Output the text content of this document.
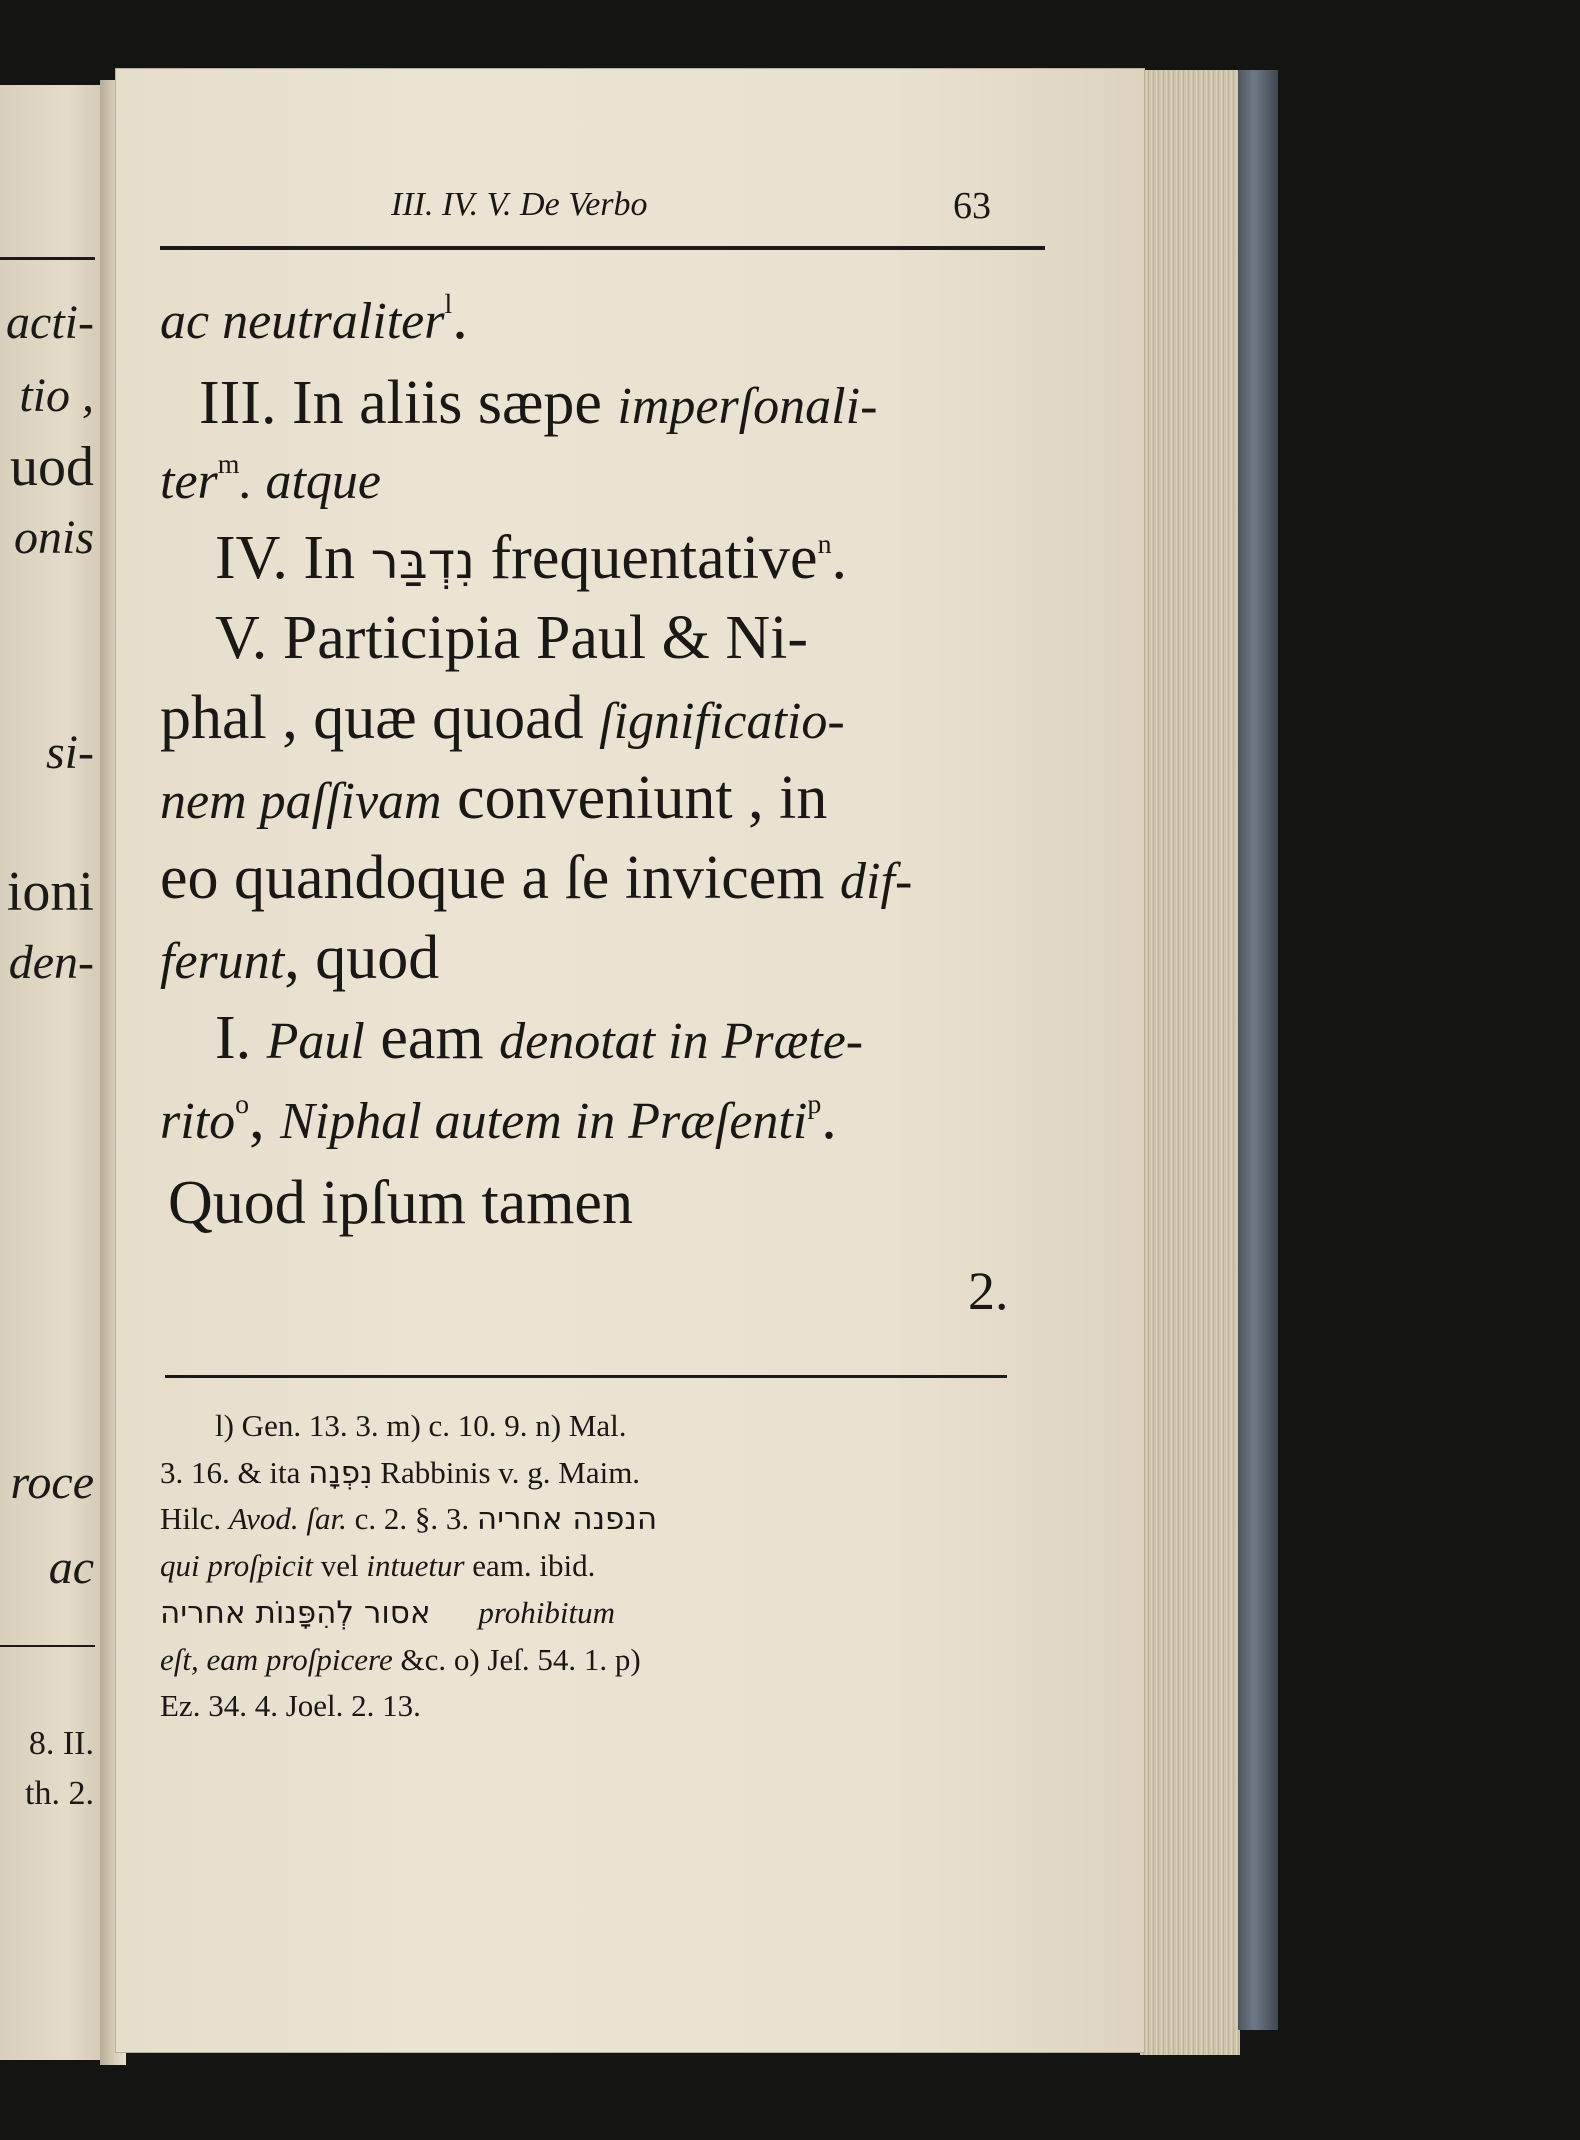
acti-
tio ,
uod
onis
si-
ioni
den-
roce
ac
8. II.
th. 2.
III. IV. V. De Verbo	63
ac neutraliter$^l$.
III. In aliis sæpe imperſonali-
ter$^m$. atque
IV. In נִדְבַּר frequentative$^n$.
V. Participia Paul & Ni-
phal , quæ quoad ſignificatio-
nem paſſivam conveniunt , in
eo quandoque a ſe invicem dif-
ferunt, quod
I. Paul eam denotat in Præte-
rito$^o$, Niphal autem in Præſenti$^p$.
Quod ipſum tamen
2.
l) Gen. 13. 3. m) c. 10. 9. n) Mal.
3. 16. & ita נִפְנָה Rabbinis v. g. Maim.
Hilc. Avod. ſar. c. 2. §. 3. הנפנה אחריה
qui proſpicit vel intuetur eam. ibid.
אסור לְהִפָּנוֹת אחריה prohibitum
eſt, eam proſpicere &c. o) Jeſ. 54. 1. p)
Ez. 34. 4. Joel. 2. 13.
